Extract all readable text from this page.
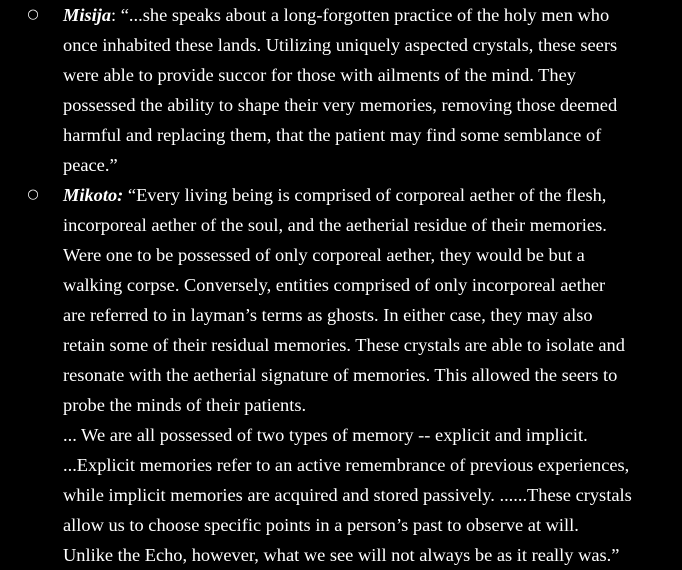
○ Misija: “...she speaks about a long-forgotten practice of the holy men who
once inhabited these lands. Utilizing uniquely aspected crystals, these seers
were able to provide succor for those with ailments of the mind. They
possessed the ability to shape their very memories, removing those deemed
harmful and replacing them, that the patient may find some semblance of
peace.”
○ Mikoto: “Every living being is comprised of corporeal aether of the flesh,
incorporeal aether of the soul, and the aetherial residue of their memories.
Were one to be possessed of only corporeal aether, they would be but a
walking corpse. Conversely, entities comprised of only incorporeal aether
are referred to in layman’s terms as ghosts. In either case, they may also
retain some of their residual memories. These crystals are able to isolate and
resonate with the aetherial signature of memories. This allowed the seers to
probe the minds of their patients.
... We are all possessed of two types of memory -- explicit and implicit.
...Explicit memories refer to an active remembrance of previous experiences,
while implicit memories are acquired and stored passively. ......These crystals
allow us to choose specific points in a person’s past to observe at will.
Unlike the Echo, however, what we see will not always be as it really was.”
